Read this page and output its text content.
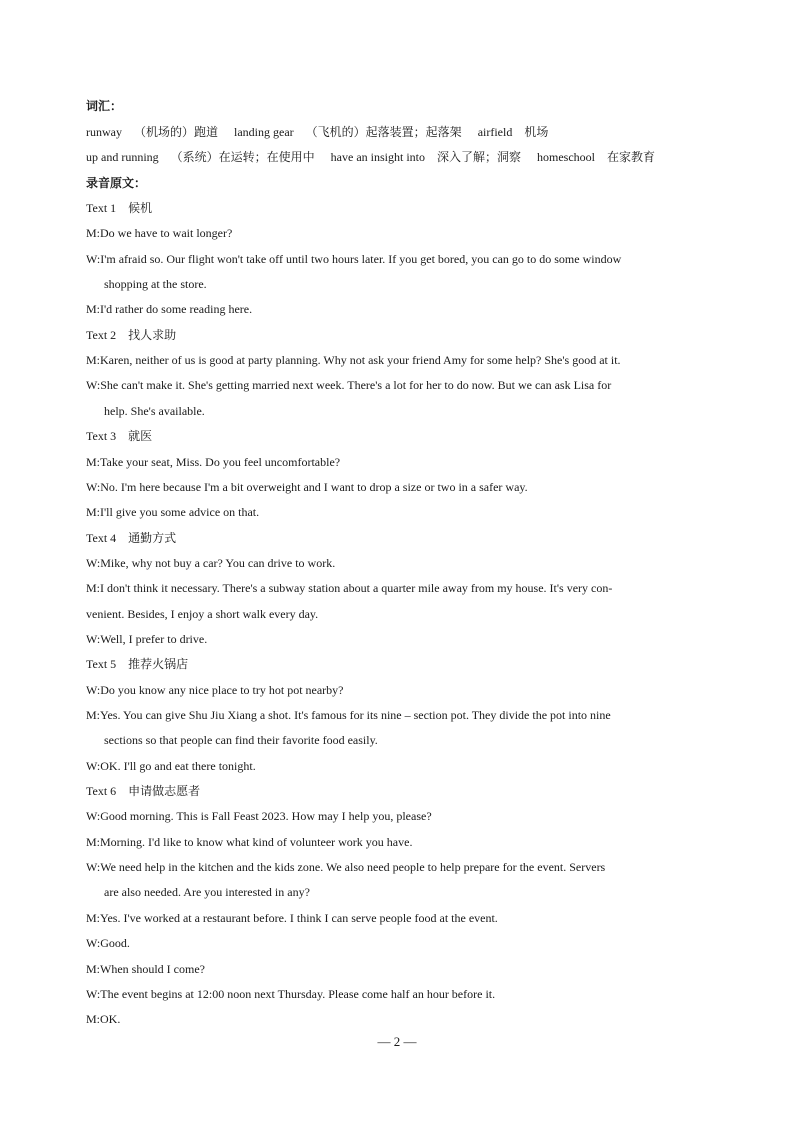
词汇：
runway （机场的）跑道 landing gear （飞机的）起落装置；起落架 airfield 机场
up and running （系统）在运转；在使用中 have an insight into 深入了解；洞察 homeschool 在家教育
录音原文：
Text 1 候机
M:Do we have to wait longer?
W:I'm afraid so. Our flight won't take off until two hours later. If you get bored, you can go to do some window
shopping at the store.
M:I'd rather do some reading here.
Text 2 找人求助
M:Karen, neither of us is good at party planning. Why not ask your friend Amy for some help? She's good at it.
W:She can't make it. She's getting married next week. There's a lot for her to do now. But we can ask Lisa for
help. She's available.
Text 3 就医
M:Take your seat, Miss. Do you feel uncomfortable?
W:No. I'm here because I'm a bit overweight and I want to drop a size or two in a safer way.
M:I'll give you some advice on that.
Text 4 通勤方式
W:Mike, why not buy a car? You can drive to work.
M:I don't think it necessary. There's a subway station about a quarter mile away from my house. It's very con-
venient. Besides, I enjoy a short walk every day.
W:Well, I prefer to drive.
Text 5 推荐火锅店
W:Do you know any nice place to try hot pot nearby?
M:Yes. You can give Shu Jiu Xiang a shot. It's famous for its nine – section pot. They divide the pot into nine
sections so that people can find their favorite food easily.
W:OK. I'll go and eat there tonight.
Text 6 申请做志愿者
W:Good morning. This is Fall Feast 2023. How may I help you, please?
M:Morning. I'd like to know what kind of volunteer work you have.
W:We need help in the kitchen and the kids zone. We also need people to help prepare for the event. Servers
are also needed. Are you interested in any?
M:Yes. I've worked at a restaurant before. I think I can serve people food at the event.
W:Good.
M:When should I come?
W:The event begins at 12:00 noon next Thursday. Please come half an hour before it.
M:OK.
— 2 —
